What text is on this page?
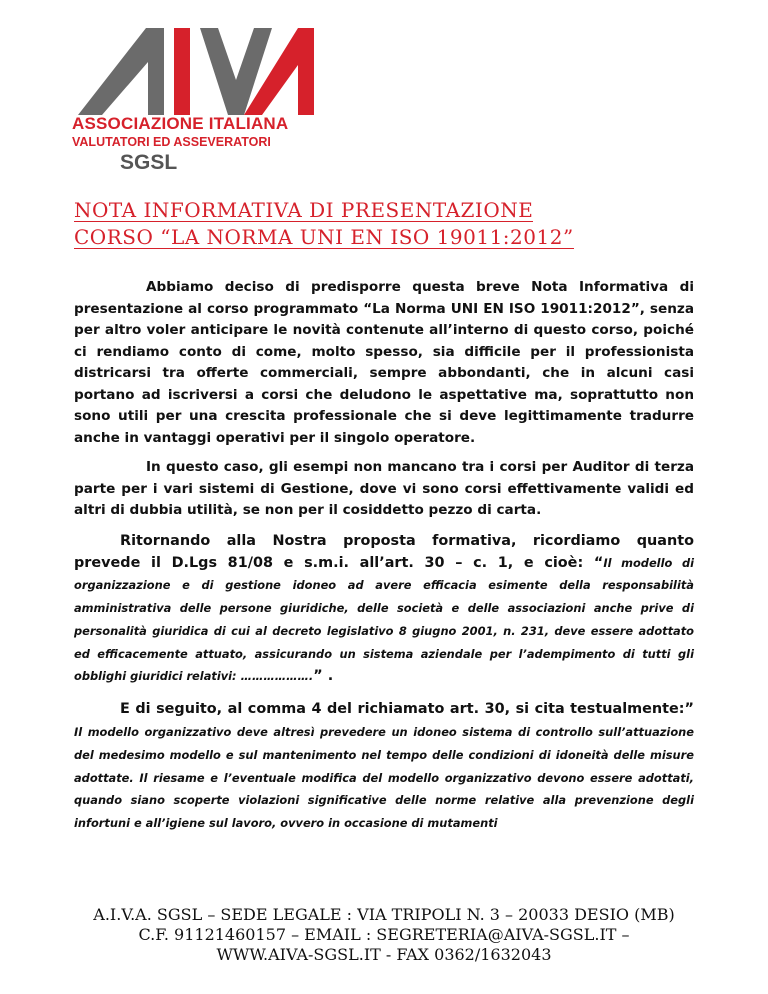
ASSOCIAZIONE ITALIANA
VALUTATORI ED ASSEVERATORI
SGSL
NOTA INFORMATIVA DI PRESENTAZIONE
CORSO “LA NORMA UNI EN ISO 19011:2012”

Abbiamo deciso di predisporre questa breve Nota Informativa di presentazione al corso programmato “La Norma UNI EN ISO 19011:2012”, senza per altro voler anticipare le novità contenute all’interno di questo corso, poiché ci rendiamo conto di come, molto spesso, sia difficile per il professionista districarsi tra offerte commerciali, sempre abbondanti, che in alcuni casi portano ad iscriversi a corsi che deludono le aspettative ma, soprattutto non sono utili per una crescita professionale che si deve legittimamente tradurre anche in vantaggi operativi per il singolo operatore.

In questo caso, gli esempi non mancano tra i corsi per Auditor di terza parte per i vari sistemi di Gestione, dove vi sono corsi effettivamente validi ed altri di dubbia utilità, se non per il cosiddetto pezzo di carta.

Ritornando alla Nostra proposta formativa, ricordiamo quanto prevede il D.Lgs 81/08 e s.m.i. all’art. 30 – c. 1, e cioè: “Il modello di organizzazione e di gestione idoneo ad avere efficacia esimente della responsabilità amministrativa delle persone giuridiche, delle società e delle associazioni anche prive di personalità giuridica di cui al decreto legislativo 8 giugno 2001, n. 231, deve essere adottato ed efficacemente attuato, assicurando un sistema aziendale per l’adempimento di tutti gli obblighi giuridici relativi: ……………….” .

E di seguito, al comma 4 del richiamato art. 30, si cita testualmente:” Il modello organizzativo deve altresì prevedere un idoneo sistema di controllo sull’attuazione del medesimo modello e sul mantenimento nel tempo delle condizioni di idoneità delle misure adottate. Il riesame e l’eventuale modifica del modello organizzativo devono essere adottati, quando siano scoperte violazioni significative delle norme relative alla prevenzione degli infortuni e all’igiene sul lavoro, ovvero in occasione di mutamenti

A.I.V.A. SGSL – SEDE LEGALE : VIA TRIPOLI N. 3 – 20033 DESIO (MB)
C.F. 91121460157 – EMAIL : SEGRETERIA@AIVA-SGSL.IT –
WWW.AIVA-SGSL.IT - FAX 0362/1632043
